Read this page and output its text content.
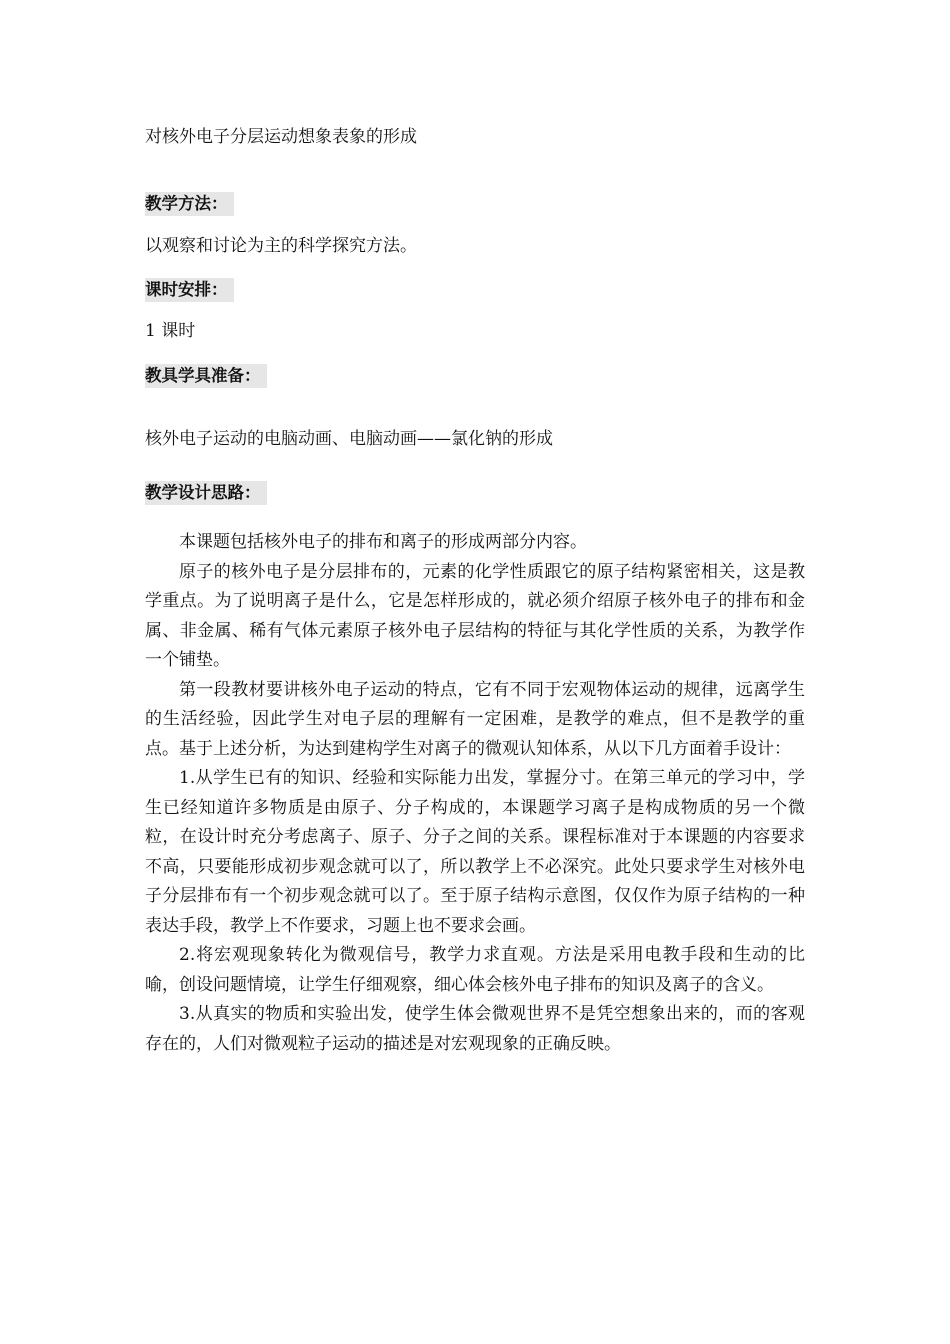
对核外电子分层运动想象表象的形成
教学方法：
以观察和讨论为主的科学探究方法。
课时安排：
1 课时
教具学具准备：
核外电子运动的电脑动画、电脑动画——氯化钠的形成
教学设计思路：

本课题包括核外电子的排布和离子的形成两部分内容。

原子的核外电子是分层排布的，元素的化学性质跟它的原子结构紧密相关，这是教学重点。为了说明离子是什么，它是怎样形成的，就必须介绍原子核外电子的排布和金属、非金属、稀有气体元素原子核外电子层结构的特征与其化学性质的关系，为教学作一个铺垫。

第一段教材要讲核外电子运动的特点，它有不同于宏观物体运动的规律，远离学生的生活经验，因此学生对电子层的理解有一定困难，是教学的难点，但不是教学的重点。基于上述分析，为达到建构学生对离子的微观认知体系，从以下几方面着手设计：

1.从学生已有的知识、经验和实际能力出发，掌握分寸。在第三单元的学习中，学生已经知道许多物质是由原子、分子构成的，本课题学习离子是构成物质的另一个微粒，在设计时充分考虑离子、原子、分子之间的关系。课程标准对于本课题的内容要求不高，只要能形成初步观念就可以了，所以教学上不必深究。此处只要求学生对核外电子分层排布有一个初步观念就可以了。至于原子结构示意图，仅仅作为原子结构的一种表达手段，教学上不作要求，习题上也不要求会画。

2.将宏观现象转化为微观信号，教学力求直观。方法是采用电教手段和生动的比喻，创设问题情境，让学生仔细观察，细心体会核外电子排布的知识及离子的含义。

3.从真实的物质和实验出发，使学生体会微观世界不是凭空想象出来的，而的客观存在的，人们对微观粒子运动的描述是对宏观现象的正确反映。
